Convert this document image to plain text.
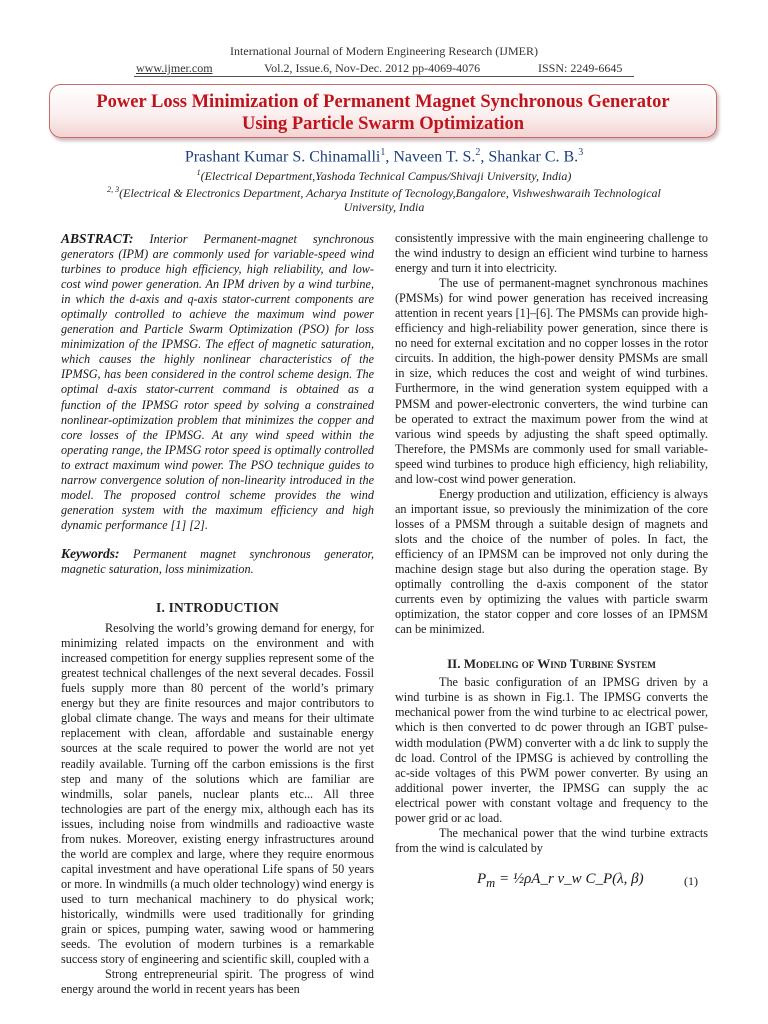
International Journal of Modern Engineering Research (IJMER)
www.ijmer.com	Vol.2, Issue.6, Nov-Dec. 2012 pp-4069-4076	ISSN: 2249-6645
Power Loss Minimization of Permanent Magnet Synchronous Generator
Using Particle Swarm Optimization
Prashant Kumar S. Chinamalli$^1$, Naveen T. S.$^2$, Shankar C. B.$^3$
$^1$(Electrical Department,Yashoda Technical Campus/Shivaji University, India)
$^{2, 3}$(Electrical & Electronics Department, Acharya Institute of Tecnology,Bangalore, Vishweshwaraih Technological
University, India

ABSTRACT: Interior Permanent-magnet synchronous generators (IPM) are commonly used for variable-speed wind turbines to produce high efficiency, high reliability, and low-cost wind power generation. An IPM driven by a wind turbine, in which the d-axis and q-axis stator-current components are optimally controlled to achieve the maximum wind power generation and Particle Swarm Optimization (PSO) for loss minimization of the IPMSG. The effect of magnetic saturation, which causes the highly nonlinear characteristics of the IPMSG, has been considered in the control scheme design. The optimal d-axis stator-current command is obtained as a function of the IPMSG rotor speed by solving a constrained nonlinear-optimization problem that minimizes the copper and core losses of the IPMSG. At any wind speed within the operating range, the IPMSG rotor speed is optimally controlled to extract maximum wind power. The PSO technique guides to narrow convergence solution of non-linearity introduced in the model. The proposed control scheme provides the wind generation system with the maximum efficiency and high dynamic performance [1] [2].

Keywords: Permanent magnet synchronous generator, magnetic saturation, loss minimization.

I. INTRODUCTION

Resolving the world’s growing demand for energy, for minimizing related impacts on the environment and with increased competition for energy supplies represent some of the greatest technical challenges of the next several decades. Fossil fuels supply more than 80 percent of the world’s primary energy but they are finite resources and major contributors to global climate change. The ways and means for their ultimate replacement with clean, affordable and sustainable energy sources at the scale required to power the world are not yet readily available. Turning off the carbon emissions is the first step and many of the solutions which are familiar are windmills, solar panels, nuclear plants etc... All three technologies are part of the energy mix, although each has its issues, including noise from windmills and radioactive waste from nukes. Moreover, existing energy infrastructures around the world are complex and large, where they require enormous capital investment and have operational Life spans of 50 years or more. In windmills (a much older technology) wind energy is used to turn mechanical machinery to do physical work; historically, windmills were used traditionally for grinding grain or spices, pumping water, sawing wood or hammering seeds. The evolution of modern turbines is a remarkable success story of engineering and scientific skill, coupled with a

Strong entrepreneurial spirit. The progress of wind energy around the world in recent years has been

consistently impressive with the main engineering challenge to the wind industry to design an efficient wind turbine to harness energy and turn it into electricity.

The use of permanent-magnet synchronous machines (PMSMs) for wind power generation has received increasing attention in recent years [1]–[6]. The PMSMs can provide high-efficiency and high-reliability power generation, since there is no need for external excitation and no copper losses in the rotor circuits. In addition, the high-power density PMSMs are small in size, which reduces the cost and weight of wind turbines. Furthermore, in the wind generation system equipped with a PMSM and power-electronic converters, the wind turbine can be operated to extract the maximum power from the wind at various wind speeds by adjusting the shaft speed optimally. Therefore, the PMSMs are commonly used for small variable-speed wind turbines to produce high efficiency, high reliability, and low-cost wind power generation.

Energy production and utilization, efficiency is always an important issue, so previously the minimization of the core losses of a PMSM through a suitable design of magnets and slots and the choice of the number of poles. In fact, the efficiency of an IPMSM can be improved not only during the machine design stage but also during the operation stage. By optimally controlling the d-axis component of the stator currents even by optimizing the values with particle swarm optimization, the stator copper and core losses of an IPMSM can be minimized.

II. Modeling of Wind Turbine System

The basic configuration of an IPMSG driven by a wind turbine is as shown in Fig.1. The IPMSG converts the mechanical power from the wind turbine to ac electrical power, which is then converted to dc power through an IGBT pulse-width modulation (PWM) converter with a dc link to supply the dc load. Control of the IPMSG is achieved by controlling the ac-side voltages of this PWM power converter. By using an additional power inverter, the IPMSG can supply the ac electrical power with constant voltage and frequency to the power grid or ac load.

The mechanical power that the wind turbine extracts from the wind is calculated by

$P_m$ = ½ρA_r v_w C_P(λ, β)	(1)
